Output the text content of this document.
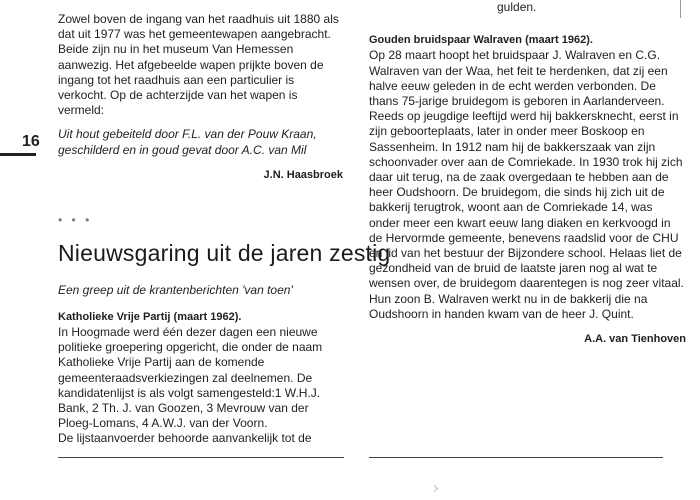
16

Zowel boven de ingang van het raadhuis uit 1880 als dat uit 1977 was het gemeentewapen aangebracht. Beide zijn nu in het museum Van Hemessen aanwezig. Het afgebeelde wapen prijkte boven de ingang tot het raadhuis aan een particulier is verkocht. Op de achterzijde van het wapen is vermeld:

Uit hout gebeiteld door F.L. van der Pouw Kraan,

geschilderd en in goud gevat door A.C. van Mil

J.N. Haasbroek

• • •

Nieuwsgaring uit de jaren zestig

Een greep uit de krantenberichten 'van toen'

Katholieke Vrije Partij (maart 1962).

In Hoogmade werd één dezer dagen een nieuwe politieke groepering opgericht, die onder de naam Katholieke Vrije Partij aan de komende gemeenteraadsverkiezingen zal deelnemen. De kandidatenlijst is als volgt samengesteld:1 W.H.J. Bank, 2 Th. J. van Goozen, 3 Mevrouw van der Ploeg-Lomans, 4 A.W.J. van der Voorn.

De lijstaanvoerder behoorde aanvankelijk tot de

gulden.

Gouden bruidspaar Walraven (maart 1962).

Op 28 maart hoopt het bruidspaar J. Walraven en C.G. Walraven van der Waa, het feit te herdenken, dat zij een halve eeuw geleden in de echt werden verbonden. De thans 75-jarige bruidegom is geboren in Aarlanderveen. Reeds op jeugdige leeftijd werd hij bakkersknecht, eerst in zijn geboortepIaats, later in onder meer Boskoop en Sassenheim. In 1912 nam hij de bakkerszaak van zijn schoonvader over aan de Comriekade. In 1930 trok hij zich daar uit terug, na de zaak overgedaan te hebben aan de heer Oudshoorn. De bruidegom, die sinds hij zich uit de bakkerij terugtrok, woont aan de Comriekade 14, was onder meer een kwart eeuw lang diaken en kerkvoogd in de Hervormde gemeente, benevens raadslid voor de CHU en lid van het bestuur der Bijzondere school. Helaas liet de gezondheid van de bruid de laatste jaren nog al wat te wensen over, de bruidegom daarentegen is nog zeer vitaal. Hun zoon B. Walraven werkt nu in de bakkerij die na Oudshoorn in handen kwam van de heer J. Quint.

A.A. van Tienhoven
